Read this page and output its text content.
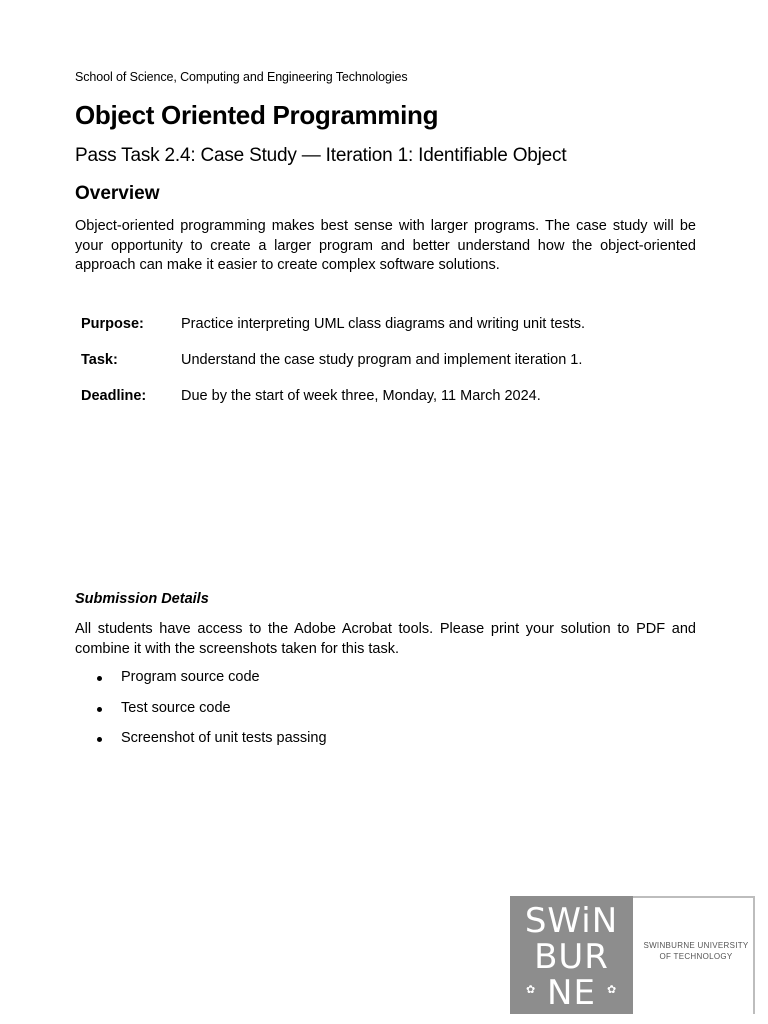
School of Science, Computing and Engineering Technologies
Object Oriented Programming
Pass Task 2.4: Case Study — Iteration 1: Identifiable Object
Overview
Object-oriented programming makes best sense with larger programs. The case study will be your opportunity to create a larger program and better understand how the object-oriented approach can make it easier to create complex software solutions.
Purpose:	Practice interpreting UML class diagrams and writing unit tests.
Task:	Understand the case study program and implement iteration 1.
Deadline: Due by the start of week three, Monday, 11 March 2024.
Submission Details
All students have access to the Adobe Acrobat tools. Please print your solution to PDF and combine it with the screenshots taken for this task.
Program source code
Test source code
Screenshot of unit tests passing
SWiN
BUR
NE
✿	✿
SWINBURNE UNIVERSITY
OF TECHNOLOGY
